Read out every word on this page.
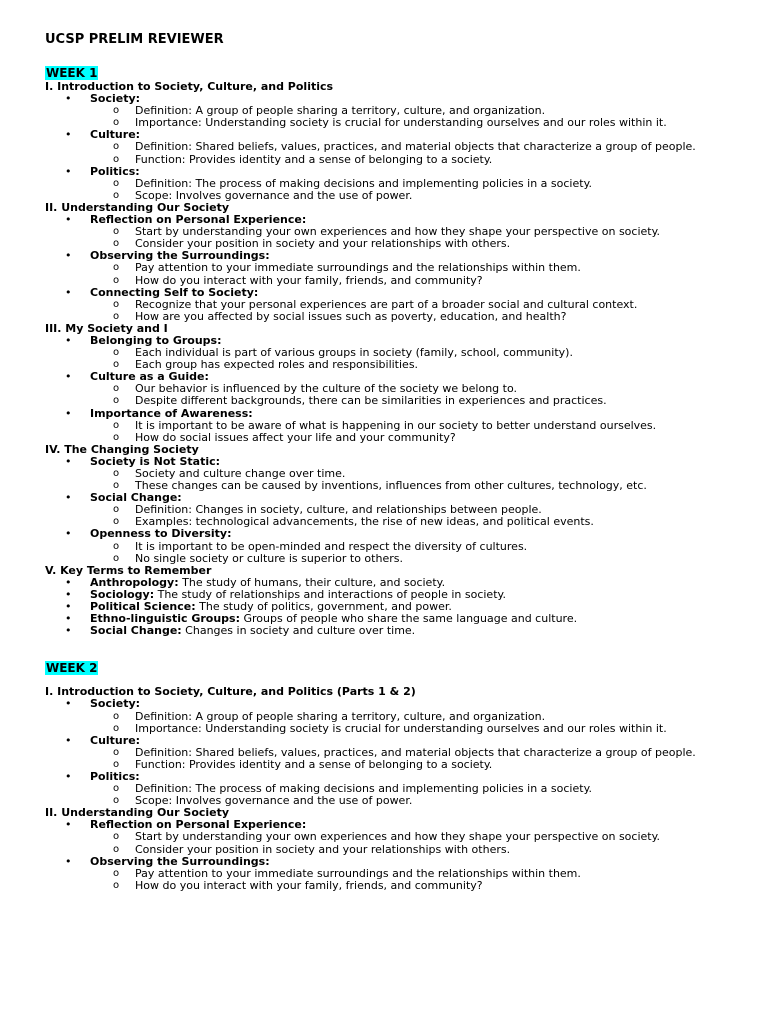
UCSP PRELIM REVIEWER
WEEK 1
I. Introduction to Society, Culture, and Politics
• Society:
o Definition: A group of people sharing a territory, culture, and organization.
o Importance: Understanding society is crucial for understanding ourselves and our roles within it.
• Culture:
o Definition: Shared beliefs, values, practices, and material objects that characterize a group of people.
o Function: Provides identity and a sense of belonging to a society.
• Politics:
o Definition: The process of making decisions and implementing policies in a society.
o Scope: Involves governance and the use of power.
II. Understanding Our Society
• Reflection on Personal Experience:
o Start by understanding your own experiences and how they shape your perspective on society.
o Consider your position in society and your relationships with others.
• Observing the Surroundings:
o Pay attention to your immediate surroundings and the relationships within them.
o How do you interact with your family, friends, and community?
• Connecting Self to Society:
o Recognize that your personal experiences are part of a broader social and cultural context.
o How are you affected by social issues such as poverty, education, and health?
III. My Society and I
• Belonging to Groups:
o Each individual is part of various groups in society (family, school, community).
o Each group has expected roles and responsibilities.
• Culture as a Guide:
o Our behavior is influenced by the culture of the society we belong to.
o Despite different backgrounds, there can be similarities in experiences and practices.
• Importance of Awareness:
o It is important to be aware of what is happening in our society to better understand ourselves.
o How do social issues affect your life and your community?
IV. The Changing Society
• Society is Not Static:
o Society and culture change over time.
o These changes can be caused by inventions, influences from other cultures, technology, etc.
• Social Change:
o Definition: Changes in society, culture, and relationships between people.
o Examples: technological advancements, the rise of new ideas, and political events.
• Openness to Diversity:
o It is important to be open-minded and respect the diversity of cultures.
o No single society or culture is superior to others.
V. Key Terms to Remember
• Anthropology: The study of humans, their culture, and society.
• Sociology: The study of relationships and interactions of people in society.
• Political Science: The study of politics, government, and power.
• Ethno-linguistic Groups: Groups of people who share the same language and culture.
• Social Change: Changes in society and culture over time.
WEEK 2
I. Introduction to Society, Culture, and Politics (Parts 1 & 2)
• Society:
o Definition: A group of people sharing a territory, culture, and organization.
o Importance: Understanding society is crucial for understanding ourselves and our roles within it.
• Culture:
o Definition: Shared beliefs, values, practices, and material objects that characterize a group of people.
o Function: Provides identity and a sense of belonging to a society.
• Politics:
o Definition: The process of making decisions and implementing policies in a society.
o Scope: Involves governance and the use of power.
II. Understanding Our Society
• Reflection on Personal Experience:
o Start by understanding your own experiences and how they shape your perspective on society.
o Consider your position in society and your relationships with others.
• Observing the Surroundings:
o Pay attention to your immediate surroundings and the relationships within them.
o How do you interact with your family, friends, and community?
